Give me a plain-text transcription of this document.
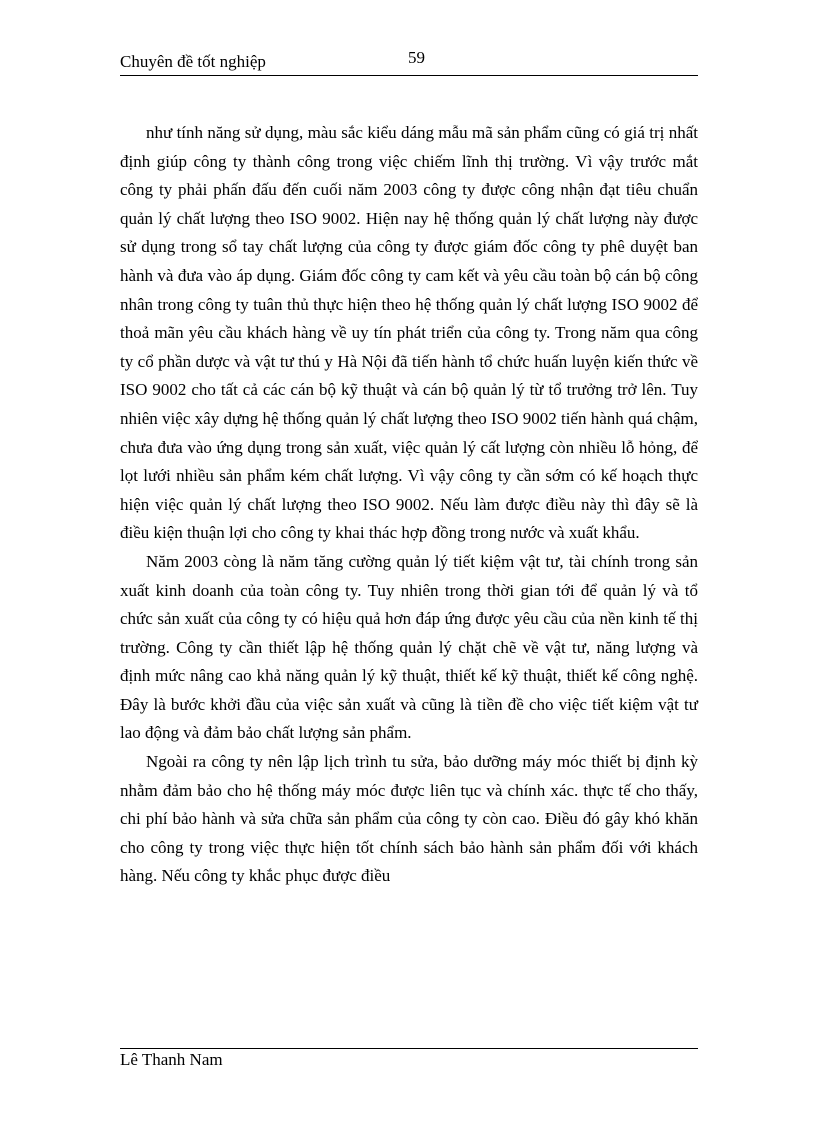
Chuyên đề tốt nghiệp	59

như tính năng sử dụng, màu sắc kiểu dáng mẫu mã sản phẩm cũng có giá trị nhất định giúp công ty thành công trong việc chiếm lĩnh thị trường. Vì vậy trước mắt công ty phải phấn đấu đến cuối năm 2003 công ty được công nhận đạt tiêu chuẩn quản lý chất lượng theo ISO 9002. Hiện nay hệ thống quản lý chất lượng này được sử dụng trong sổ tay chất lượng của công ty được giám đốc công ty phê duyệt ban hành và đưa vào áp dụng. Giám đốc công ty cam kết và yêu cầu toàn bộ cán bộ công nhân trong công ty tuân thủ thực hiện theo hệ thống quản lý chất lượng ISO 9002 để thoả mãn yêu cầu khách hàng về uy tín phát triển của công ty. Trong năm qua công ty cổ phần dược và vật tư thú y Hà Nội đã tiến hành tổ chức huấn luyện kiến thức về ISO 9002 cho tất cả các cán bộ kỹ thuật và cán bộ quản lý từ tổ trưởng trở lên. Tuy nhiên việc xây dựng hệ thống quản lý chất lượng theo ISO 9002 tiến hành quá chậm, chưa đưa vào ứng dụng trong sản xuất, việc quản lý cất lượng còn nhiều lỗ hỏng, để lọt lưới nhiều sản phẩm kém chất lượng. Vì vậy công ty cần sớm có kế hoạch thực hiện việc quản lý chất lượng theo ISO 9002. Nếu làm được điều này thì đây sẽ là điều kiện thuận lợi cho công ty khai thác hợp đồng trong nước và xuất khẩu.

Năm 2003 còng là năm tăng cường quản lý tiết kiệm vật tư, tài chính trong sản xuất kinh doanh của toàn công ty. Tuy nhiên trong thời gian tới để quản lý và tổ chức sản xuất của công ty có hiệu quả hơn đáp ứng được yêu cầu của nền kinh tế thị trường. Công ty cần thiết lập hệ thống quản lý chặt chẽ về vật tư, năng lượng và định mức nâng cao khả năng quản lý kỹ thuật, thiết kế kỹ thuật, thiết kế công nghệ. Đây là bước khởi đầu của việc sản xuất và cũng là tiền đề cho việc tiết kiệm vật tư lao động và đảm bảo chất lượng sản phẩm.

Ngoài ra công ty nên lập lịch trình tu sửa, bảo dưỡng máy móc thiết bị định kỳ nhằm đảm bảo cho hệ thống máy móc được liên tục và chính xác. thực tế cho thấy, chi phí bảo hành và sửa chữa sản phẩm của công ty còn cao. Điều đó gây khó khăn cho công ty trong việc thực hiện tốt chính sách bảo hành sản phẩm đối với khách hàng. Nếu công ty khắc phục được điều

Lê Thanh Nam
